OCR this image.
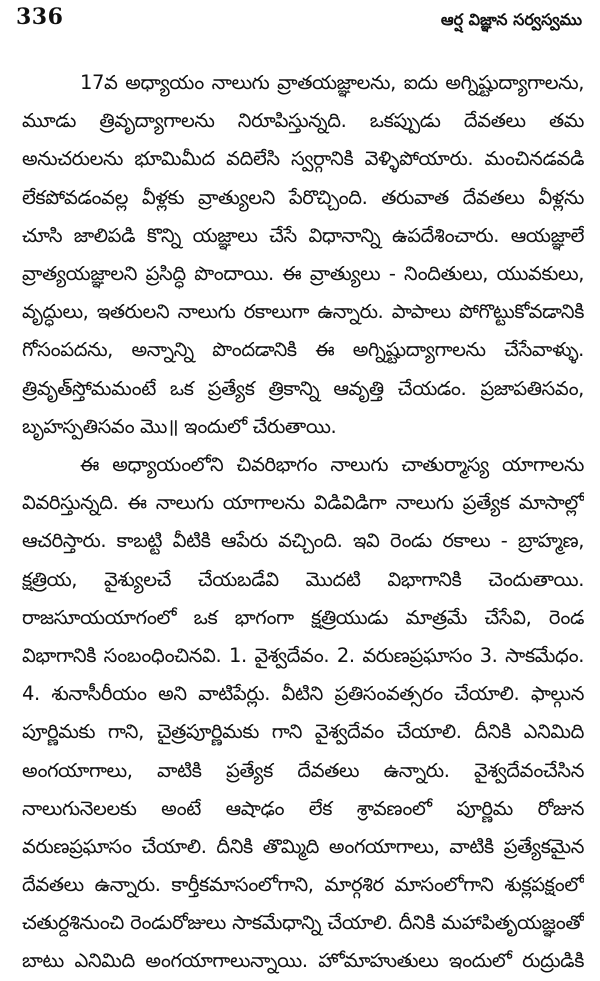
336	ఆర్ష విజ్ఞాన సర్వస్వము
17వ అధ్యాయం నాలుగు వ్రాతయజ్ఞాలను, ఐదు అగ్నిష్టుద్యాగాలను,
మూడు త్రివృద్యాగాలను నిరూపిస్తున్నది. ఒకప్పుడు దేవతలు తమ
అనుచరులను భూమిమీద వదిలేసి స్వర్గానికి వెళ్ళిపోయారు. మంచినడవడి
లేకపోవడంవల్ల వీళ్లకు వ్రాత్యులని పేరొచ్చింది. తరువాత దేవతలు వీళ్లను
చూసి జాలిపడి కొన్ని యజ్ఞాలు చేసే విధానాన్ని ఉపదేశించారు. ఆయజ్ఞాలే
వ్రాత్యయజ్ఞాలని ప్రసిద్ధి పొందాయి. ఈ వ్రాత్యులు - నిందితులు, యువకులు,
వృద్ధులు, ఇతరులని నాలుగు రకాలుగా ఉన్నారు. పాపాలు పోగొట్టుకోవడానికి
గోసంపదను, అన్నాన్ని పొందడానికి ఈ అగ్నిష్టుద్యాగాలను చేసేవాళ్ళు.
త్రివృత్‌స్తోమమంటే ఒక ప్రత్యేక త్రికాన్ని ఆవృత్తి చేయడం. ప్రజాపతిసవం,
బృహస్పతిసవం మొ॥ ఇందులో చేరుతాయి.
ఈ అధ్యాయంలోని చివరిభాగం నాలుగు చాతుర్మాస్య యాగాలను
వివరిస్తున్నది. ఈ నాలుగు యాగాలను విడివిడిగా నాలుగు ప్రత్యేక మాసాల్లో
ఆచరిస్తారు. కాబట్టి వీటికి ఆపేరు వచ్చింది. ఇవి రెండు రకాలు - బ్రాహ్మణ,
క్షత్రియ, వైశ్యులచే చేయబడేవి మొదటి విభాగానికి చెందుతాయి.
రాజసూయయాగంలో ఒక భాగంగా క్షత్రియుడు మాత్రమే చేసేవి, రెండ
విభాగానికి సంబంధించినవి. 1. వైశ్వదేవం. 2. వరుణప్రఘాసం 3. సాకమేధం.
4. శునాసీరీయం అని వాటిపేర్లు. వీటిని ప్రతిసంవత్సరం చేయాలి. ఫాల్గున
పూర్ణిమకు గాని, చైత్రపూర్ణిమకు గాని వైశ్వదేవం చేయాలి. దీనికి ఎనిమిది
అంగయాగాలు, వాటికి ప్రత్యేక దేవతలు ఉన్నారు. వైశ్వదేవంచేసిన
నాలుగునెలలకు అంటే ఆషాఢం లేక శ్రావణంలో పూర్ణిమ రోజున
వరుణప్రఘాసం చేయాలి. దీనికి తొమ్మిది అంగయాగాలు, వాటికి ప్రత్యేకమైన
దేవతలు ఉన్నారు. కార్తీకమాసంలోగాని, మార్గశిర మాసంలోగాని శుక్లపక్షంలో
చతుర్దశినుంచి రెండురోజులు సాకమేధాన్ని చేయాలి. దీనికి మహాపితృయజ్ఞంతో
బాటు ఎనిమిది అంగయాగాలున్నాయి. హోమాహుతులు ఇందులో రుద్రుడికి
